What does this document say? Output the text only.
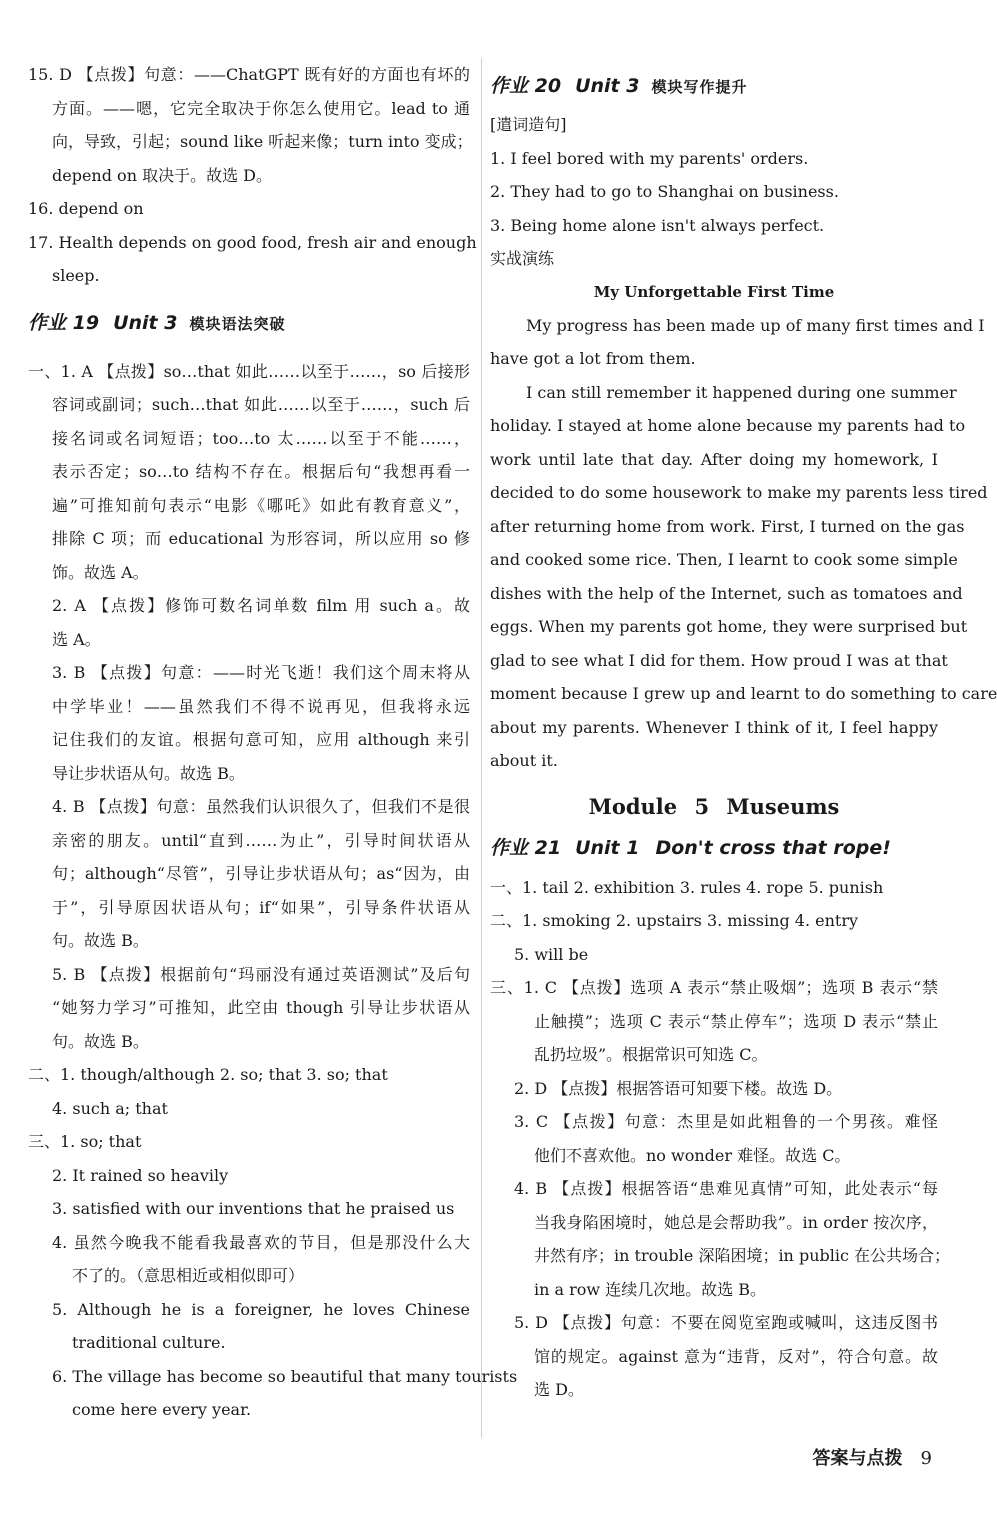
15. D 【点拨】句意：——ChatGPT 既有好的方面也有坏的

方面。——嗯，它完全取决于你怎么使用它。lead to 通

向，导致，引起；sound like 听起来像；turn into 变成；

depend on 取决于。故选 D。

16. depend on

17. Health depends on good food, fresh air and enough

sleep.

作业 19 Unit 3 模块语法突破

一、1. A 【点拨】so…that 如此……以至于……，so 后接形

容词或副词；such…that 如此……以至于……，such 后

接名词或名词短语；too…to 太……以至于不能……，

表示否定；so…to 结构不存在。根据后句“我想再看一

遍”可推知前句表示“电影《哪吒》如此有教育意义”，

排除 C 项；而 educational 为形容词，所以应用 so 修

饰。故选 A。

2. A 【点拨】修饰可数名词单数 film 用 such a。故

选 A。

3. B 【点拨】句意：——时光飞逝！我们这个周末将从

中学毕业！——虽然我们不得不说再见，但我将永远

记住我们的友谊。根据句意可知，应用 although 来引

导让步状语从句。故选 B。

4. B 【点拨】句意：虽然我们认识很久了，但我们不是很

亲密的朋友。until“直到……为止”，引导时间状语从

句；although“尽管”，引导让步状语从句；as“因为，由

于”，引导原因状语从句；if“如果”，引导条件状语从

句。故选 B。

5. B 【点拨】根据前句“玛丽没有通过英语测试”及后句

“她努力学习”可推知，此空由 though 引导让步状语从

句。故选 B。

二、1. though/although 2. so; that 3. so; that

4. such a; that

三、1. so; that

2. It rained so heavily

3. satisfied with our inventions that he praised us

4. 虽然今晚我不能看我最喜欢的节目，但是那没什么大

不了的。（意思相近或相似即可）

5. Although he is a foreigner, he loves Chinese

traditional culture.

6. The village has become so beautiful that many tourists

come here every year.

作业 20 Unit 3 模块写作提升

[遣词造句]

1. I feel bored with my parents' orders.

2. They had to go to Shanghai on business.

3. Being home alone isn't always perfect.

实战演练

My Unforgettable First Time

My progress has been made up of many first times and I

have got a lot from them.

I can still remember it happened during one summer

holiday. I stayed at home alone because my parents had to

work until late that day. After doing my homework, I

decided to do some housework to make my parents less tired

after returning home from work. First, I turned on the gas

and cooked some rice. Then, I learnt to cook some simple

dishes with the help of the Internet, such as tomatoes and

eggs. When my parents got home, they were surprised but

glad to see what I did for them. How proud I was at that

moment because I grew up and learnt to do something to care

about my parents. Whenever I think of it, I feel happy

about it.

Module 5 Museums

作业 21 Unit 1 Don't cross that rope!

一、1. tail 2. exhibition 3. rules 4. rope 5. punish

二、1. smoking 2. upstairs 3. missing 4. entry

5. will be

三、1. C 【点拨】选项 A 表示“禁止吸烟”；选项 B 表示“禁

止触摸”；选项 C 表示“禁止停车”；选项 D 表示“禁止

乱扔垃圾”。根据常识可知选 C。

2. D 【点拨】根据答语可知要下楼。故选 D。

3. C 【点拨】句意：杰里是如此粗鲁的一个男孩。难怪

他们不喜欢他。no wonder 难怪。故选 C。

4. B 【点拨】根据答语“患难见真情”可知，此处表示“每

当我身陷困境时，她总是会帮助我”。in order 按次序，

井然有序；in trouble 深陷困境；in public 在公共场合；

in a row 连续几次地。故选 B。

5. D 【点拨】句意：不要在阅览室跑或喊叫，这违反图书

馆的规定。against 意为“违背，反对”，符合句意。故

选 D。

答案与点拨 9
